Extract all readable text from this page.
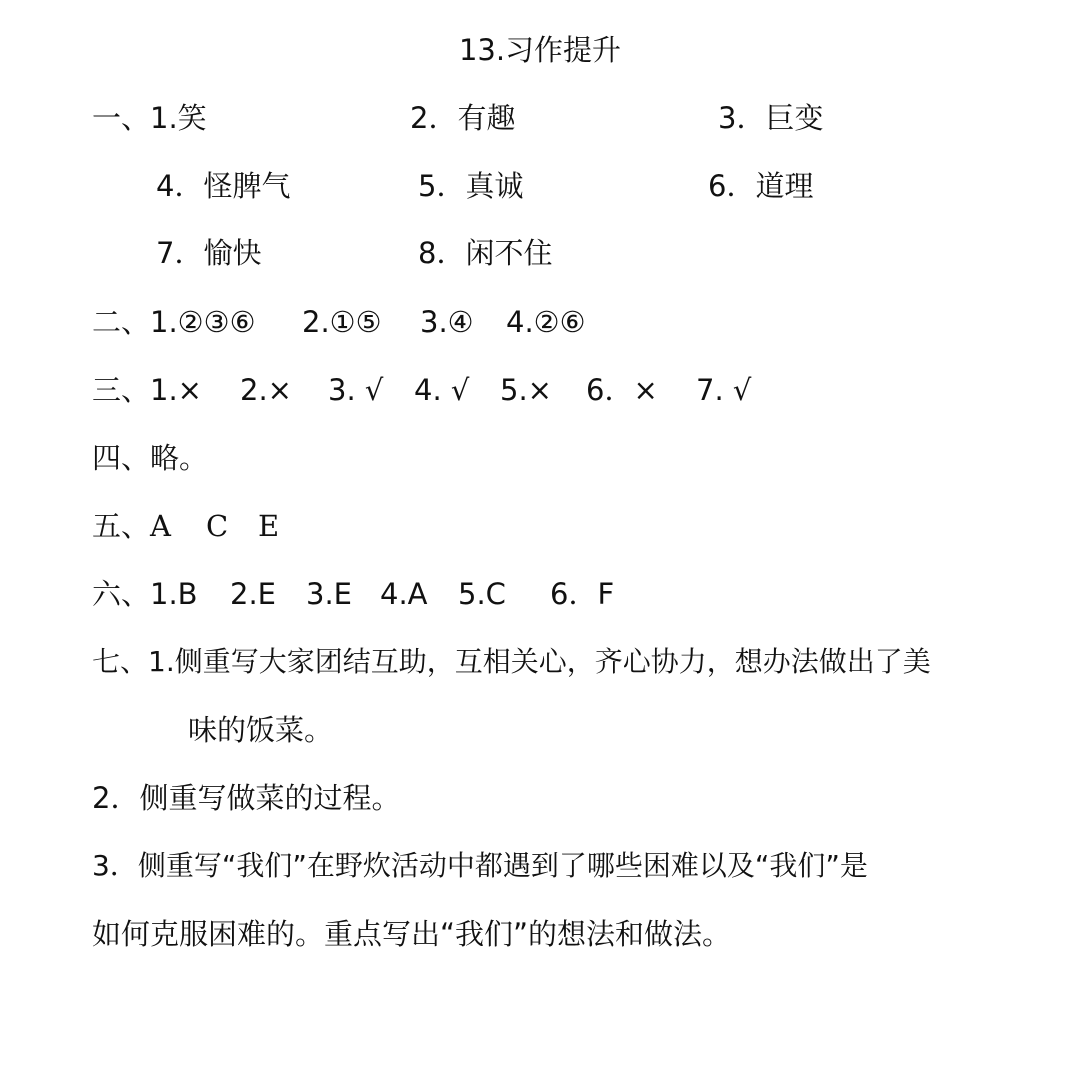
13.习作提升
一、1.笑	2．有趣	3．巨变
4．怪脾气	5．真诚	6．道理
7．愉快	8．闲不住
二、1.②③⑥ 2.①⑤ 3.④ 4.②⑥
三、1.× 2.× 3. √ 4. √ 5.× 6．× 7. √
四、略。
五、A C E
六、1.B 2.E 3.E 4.A 5.C 6．F
七、1.侧重写大家团结互助，互相关心，齐心协力，想办法做出了美
味的饭菜。
2．侧重写做菜的过程。
3．侧重写“我们”在野炊活动中都遇到了哪些困难以及“我们”是
如何克服困难的。重点写出“我们”的想法和做法。
